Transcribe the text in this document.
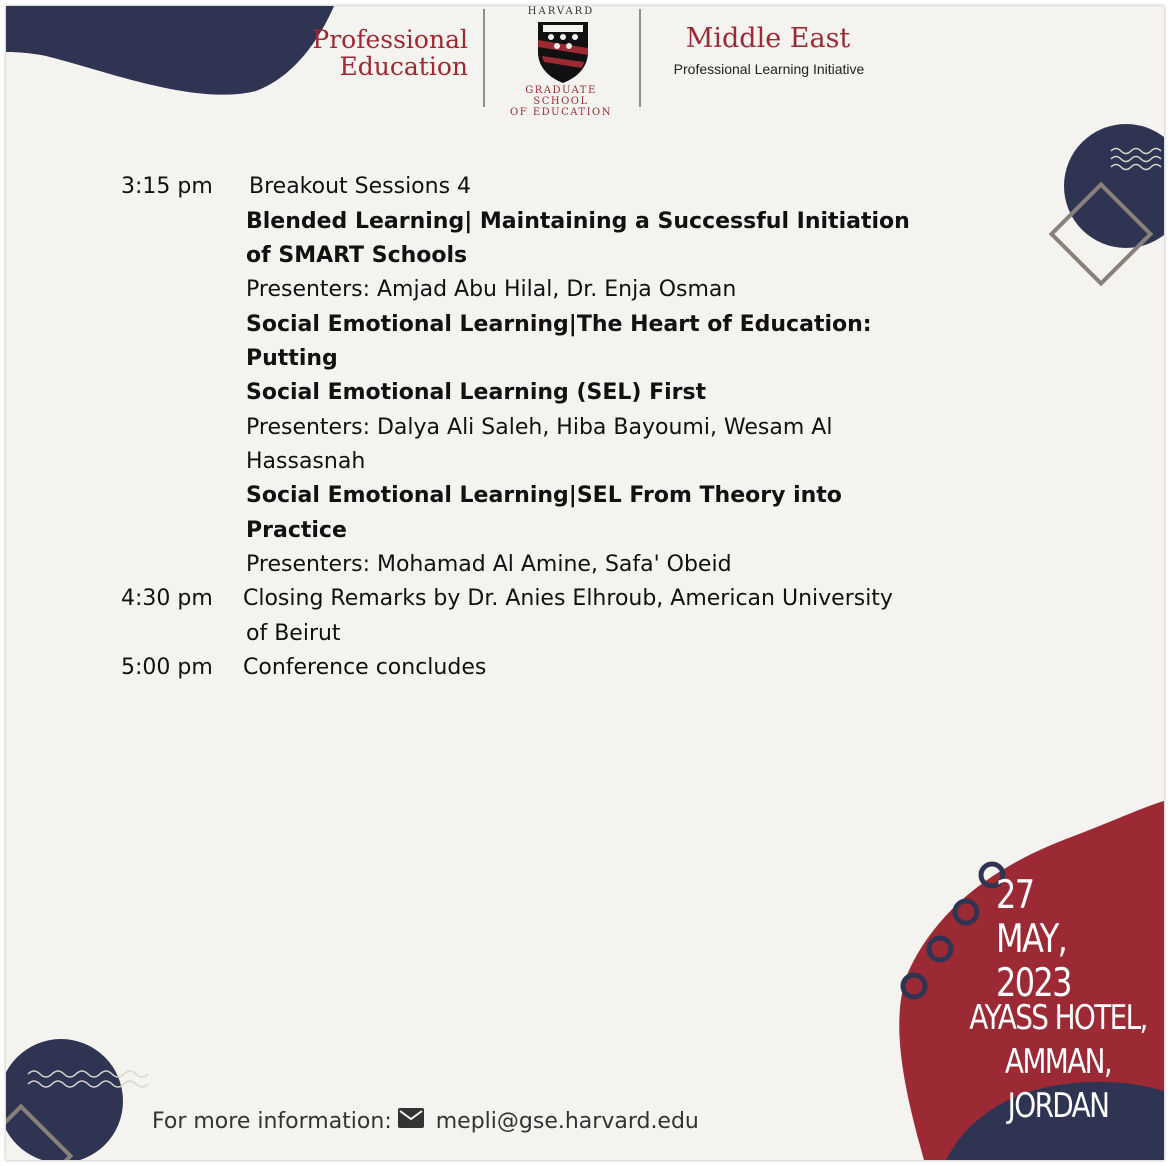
Professional
Education
HARVARD
GRADUATE SCHOOL
OF EDUCATION
Middle East
Professional Learning Initiative
3:15 pm Breakout Sessions 4
Blended Learning| Maintaining a Successful Initiation
of SMART Schools
Presenters: Amjad Abu Hilal, Dr. Enja Osman
Social Emotional Learning|The Heart of Education:
Putting
Social Emotional Learning (SEL) First
Presenters: Dalya Ali Saleh, Hiba Bayoumi, Wesam Al
Hassasnah
Social Emotional Learning|SEL From Theory into
Practice
Presenters: Mohamad Al Amine, Safa' Obeid
4:30 pm Closing Remarks by Dr. Anies Elhroub, American University
of Beirut
5:00 pm Conference concludes
27 MAY,
2023
AYASS HOTEL,
AMMAN, JORDAN
For more information: mepli@gse.harvard.edu
